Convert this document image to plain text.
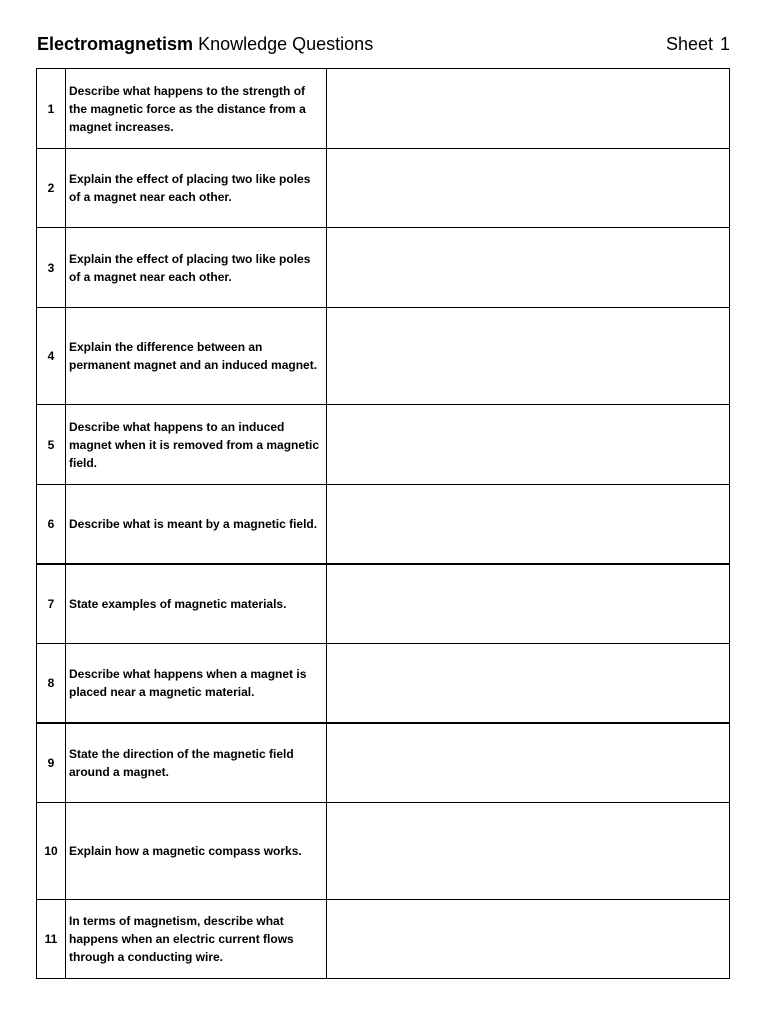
Electromagnetism Knowledge Questions	Sheet 1
1	Describe what happens to the strength of the magnetic force as the distance from a magnet increases.	
2	Explain the effect of placing two like poles of a magnet near each other.	
3	Explain the effect of placing two like poles of a magnet near each other.	
4	Explain the difference between an permanent magnet and an induced magnet.	
5	Describe what happens to an induced magnet when it is removed from a magnetic field.	
6	Describe what is meant by a magnetic field.	
7	State examples of magnetic materials.	
8	Describe what happens when a magnet is placed near a magnetic material.	
9	State the direction of the magnetic field around a magnet.	
10	Explain how a magnetic compass works.	
11	In terms of magnetism, describe what happens when an electric current flows through a conducting wire.	
